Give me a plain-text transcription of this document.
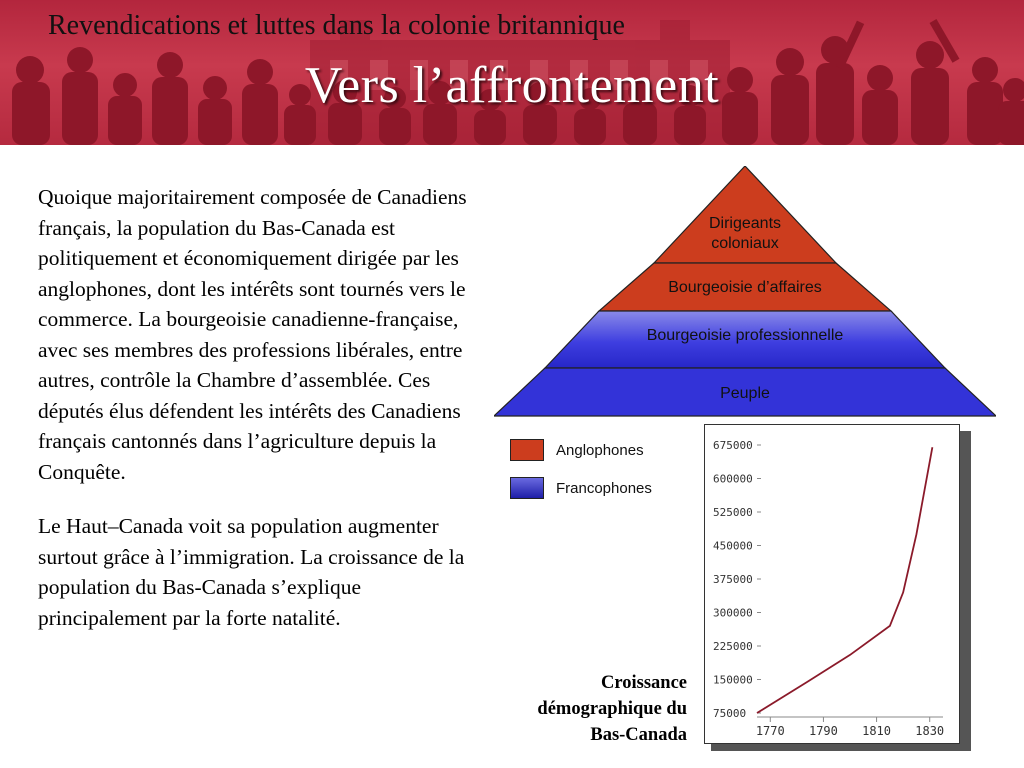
Revendications et luttes dans la colonie britannique
Vers l’affrontement

Quoique majoritairement composée de Canadiens français, la population du Bas-Canada est politiquement et économiquement dirigée par les anglophones, dont les intérêts sont tournés vers le commerce. La bourgeoisie canadienne-française, avec ses membres des professions libérales, entre autres, contrôle la Chambre d’assemblée. Ces députés élus défendent les intérêts des Canadiens français cantonnés dans l’agriculture depuis la Conquête.

Le Haut–Canada voit sa population augmenter surtout grâce à l’immigration. La croissance de la population du Bas-Canada s’explique principalement par la forte natalité.

Dirigeants
coloniaux
Bourgeoisie d’affaires
Bourgeoisie professionnelle
Peuple
Anglophones
Francophones
75000
150000
225000
300000
375000
450000
525000
600000
675000
1770 1790 1810 1830
Croissance
démographique du
Bas-Canada
